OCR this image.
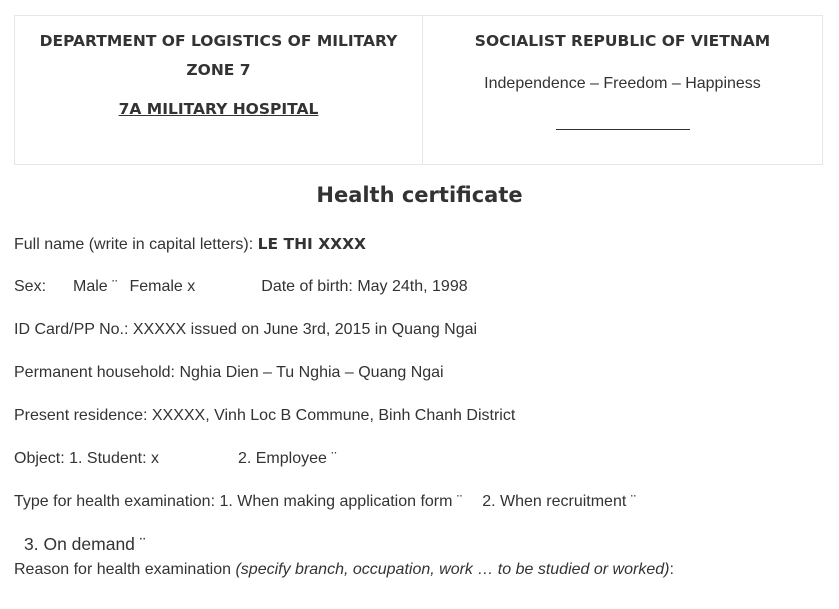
DEPARTMENT OF LOGISTICS OF MILITARY ZONE 7
7A MILITARY HOSPITAL
SOCIALIST REPUBLIC OF VIETNAM
Independence – Freedom – Happiness
Health certificate
Full name (write in capital letters): LE THI XXXX
Sex: Male ¨ Female x	Date of birth: May 24th, 1998
ID Card/PP No.: XXXXX issued on June 3rd, 2015 in Quang Ngai
Permanent household: Nghia Dien – Tu Nghia – Quang Ngai
Present residence: XXXXX, Vinh Loc B Commune, Binh Chanh District
Object: 1. Student: x	2. Employee ¨
Type for health examination: 1. When making application form ¨ 2. When recruitment ¨
3. On demand ¨
Reason for health examination (specify branch, occupation, work … to be studied or worked):
